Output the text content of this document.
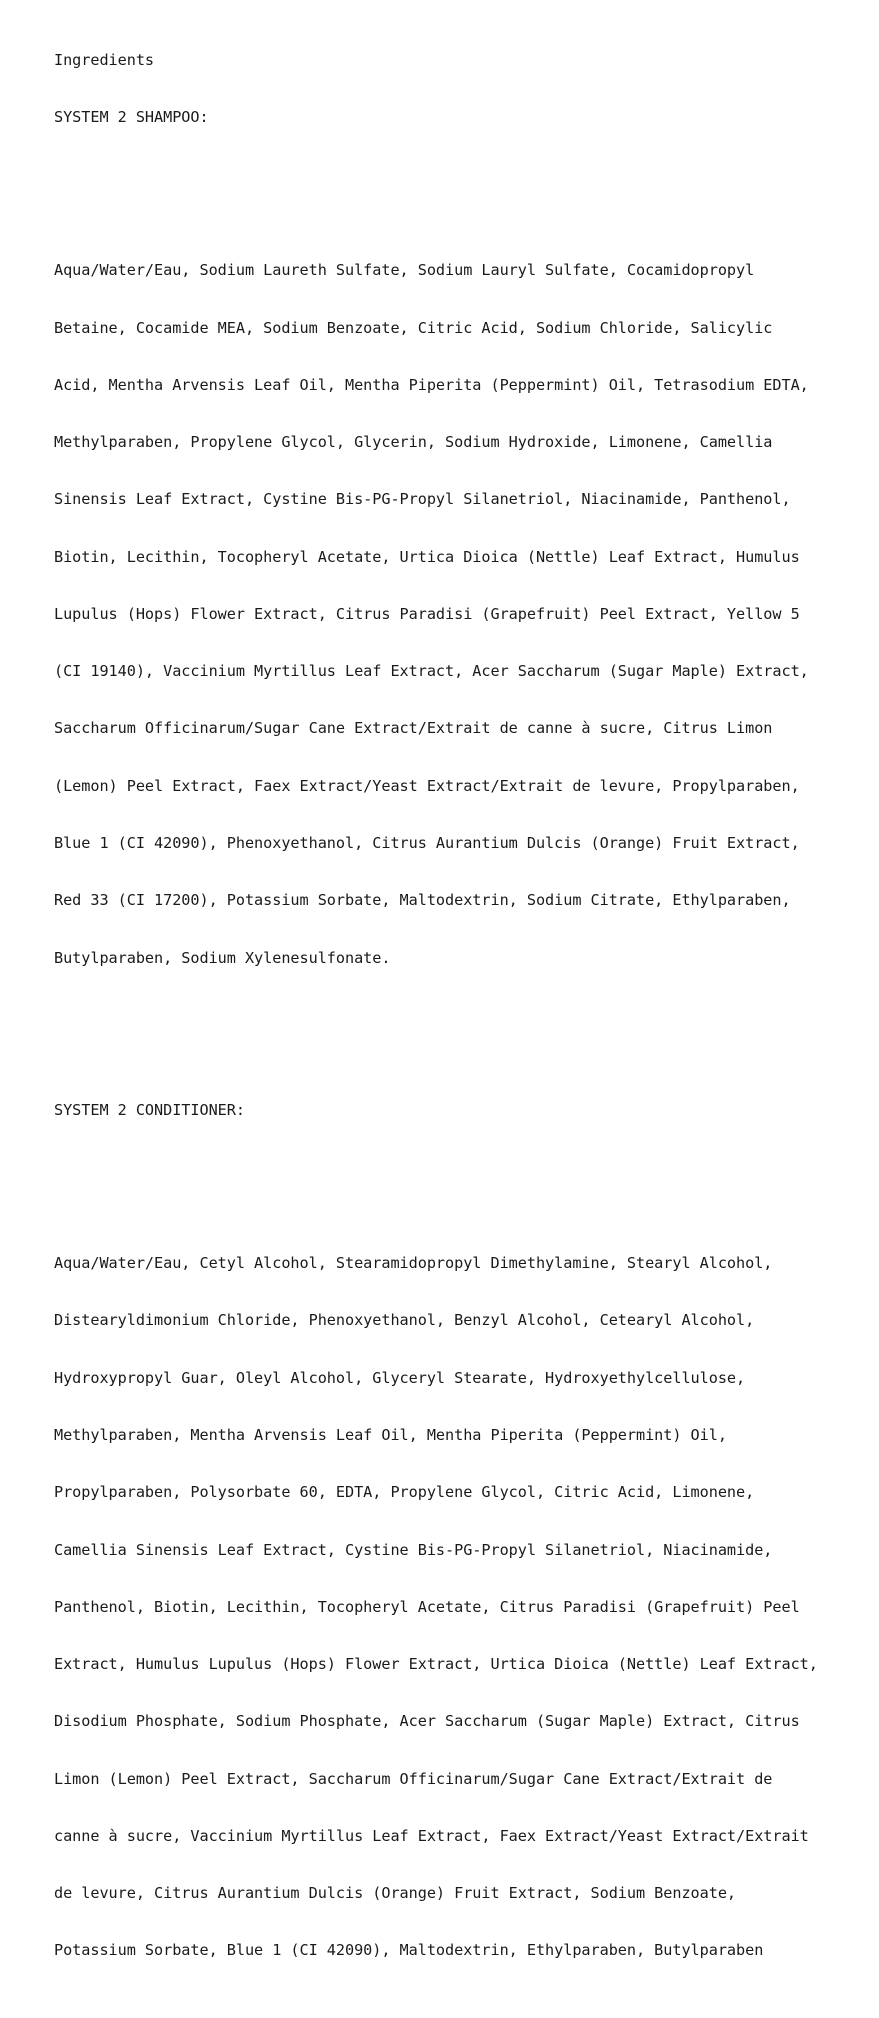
Ingredients

SYSTEM 2 SHAMPOO:

Aqua/Water/Eau, Sodium Laureth Sulfate, Sodium Lauryl Sulfate, Cocamidopropyl

Betaine, Cocamide MEA, Sodium Benzoate, Citric Acid, Sodium Chloride, Salicylic

Acid, Mentha Arvensis Leaf Oil, Mentha Piperita (Peppermint) Oil, Tetrasodium EDTA,

Methylparaben, Propylene Glycol, Glycerin, Sodium Hydroxide, Limonene, Camellia

Sinensis Leaf Extract, Cystine Bis-PG-Propyl Silanetriol, Niacinamide, Panthenol,

Biotin, Lecithin, Tocopheryl Acetate, Urtica Dioica (Nettle) Leaf Extract, Humulus

Lupulus (Hops) Flower Extract, Citrus Paradisi (Grapefruit) Peel Extract, Yellow 5

(CI 19140), Vaccinium Myrtillus Leaf Extract, Acer Saccharum (Sugar Maple) Extract,

Saccharum Officinarum/Sugar Cane Extract/Extrait de canne à sucre, Citrus Limon

(Lemon) Peel Extract, Faex Extract/Yeast Extract/Extrait de levure, Propylparaben,

Blue 1 (CI 42090), Phenoxyethanol, Citrus Aurantium Dulcis (Orange) Fruit Extract,

Red 33 (CI 17200), Potassium Sorbate, Maltodextrin, Sodium Citrate, Ethylparaben,

Butylparaben, Sodium Xylenesulfonate.

SYSTEM 2 CONDITIONER:

Aqua/Water/Eau, Cetyl Alcohol, Stearamidopropyl Dimethylamine, Stearyl Alcohol,

Distearyldimonium Chloride, Phenoxyethanol, Benzyl Alcohol, Cetearyl Alcohol,

Hydroxypropyl Guar, Oleyl Alcohol, Glyceryl Stearate, Hydroxyethylcellulose,

Methylparaben, Mentha Arvensis Leaf Oil, Mentha Piperita (Peppermint) Oil,

Propylparaben, Polysorbate 60, EDTA, Propylene Glycol, Citric Acid, Limonene,

Camellia Sinensis Leaf Extract, Cystine Bis-PG-Propyl Silanetriol, Niacinamide,

Panthenol, Biotin, Lecithin, Tocopheryl Acetate, Citrus Paradisi (Grapefruit) Peel

Extract, Humulus Lupulus (Hops) Flower Extract, Urtica Dioica (Nettle) Leaf Extract,

Disodium Phosphate, Sodium Phosphate, Acer Saccharum (Sugar Maple) Extract, Citrus

Limon (Lemon) Peel Extract, Saccharum Officinarum/Sugar Cane Extract/Extrait de

canne à sucre, Vaccinium Myrtillus Leaf Extract, Faex Extract/Yeast Extract/Extrait

de levure, Citrus Aurantium Dulcis (Orange) Fruit Extract, Sodium Benzoate,

Potassium Sorbate, Blue 1 (CI 42090), Maltodextrin, Ethylparaben, Butylparaben
